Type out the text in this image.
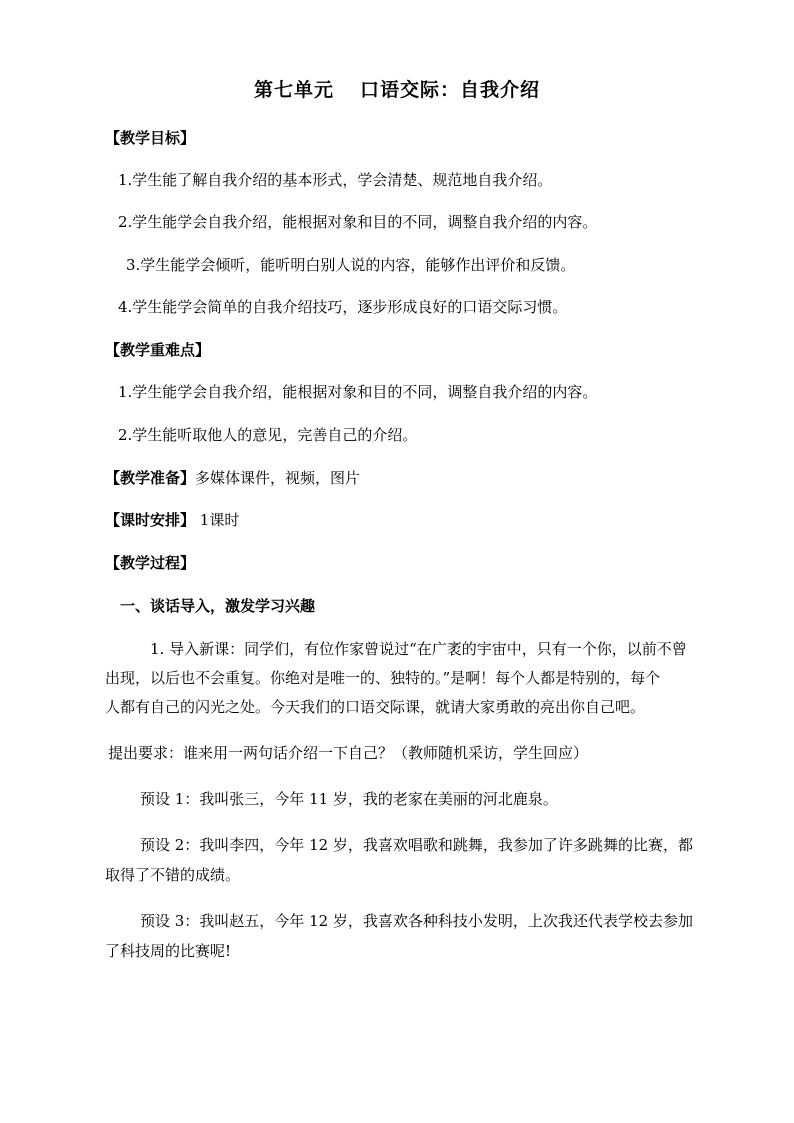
第七单元 口语交际：自我介绍
【教学目标】
1.学生能了解自我介绍的基本形式，学会清楚、规范地自我介绍。
2.学生能学会自我介绍，能根据对象和目的不同，调整自我介绍的内容。
3.学生能学会倾听，能听明白别人说的内容，能够作出评价和反馈。
4.学生能学会简单的自我介绍技巧，逐步形成良好的口语交际习惯。
【教学重难点】
1.学生能学会自我介绍，能根据对象和目的不同，调整自我介绍的内容。
2.学生能听取他人的意见，完善自己的介绍。
【教学准备】多媒体课件，视频，图片
【课时安排】 1课时
【教学过程】
一、谈话导入，激发学习兴趣
1. 导入新课：同学们，有位作家曾说过“在广袤的宇宙中，只有一个你，以前不曾
出现，以后也不会重复。你绝对是唯一的、独特的。”是啊！每个人都是特别的，每个
人都有自己的闪光之处。今天我们的口语交际课，就请大家勇敢的亮出你自己吧。
提出要求：谁来用一两句话介绍一下自己？（教师随机采访，学生回应）
预设 1：我叫张三，今年 11 岁，我的老家在美丽的河北鹿泉。
预设 2：我叫李四，今年 12 岁，我喜欢唱歌和跳舞，我参加了许多跳舞的比赛，都
取得了不错的成绩。
预设 3：我叫赵五，今年 12 岁，我喜欢各种科技小发明，上次我还代表学校去参加
了科技周的比赛呢!
